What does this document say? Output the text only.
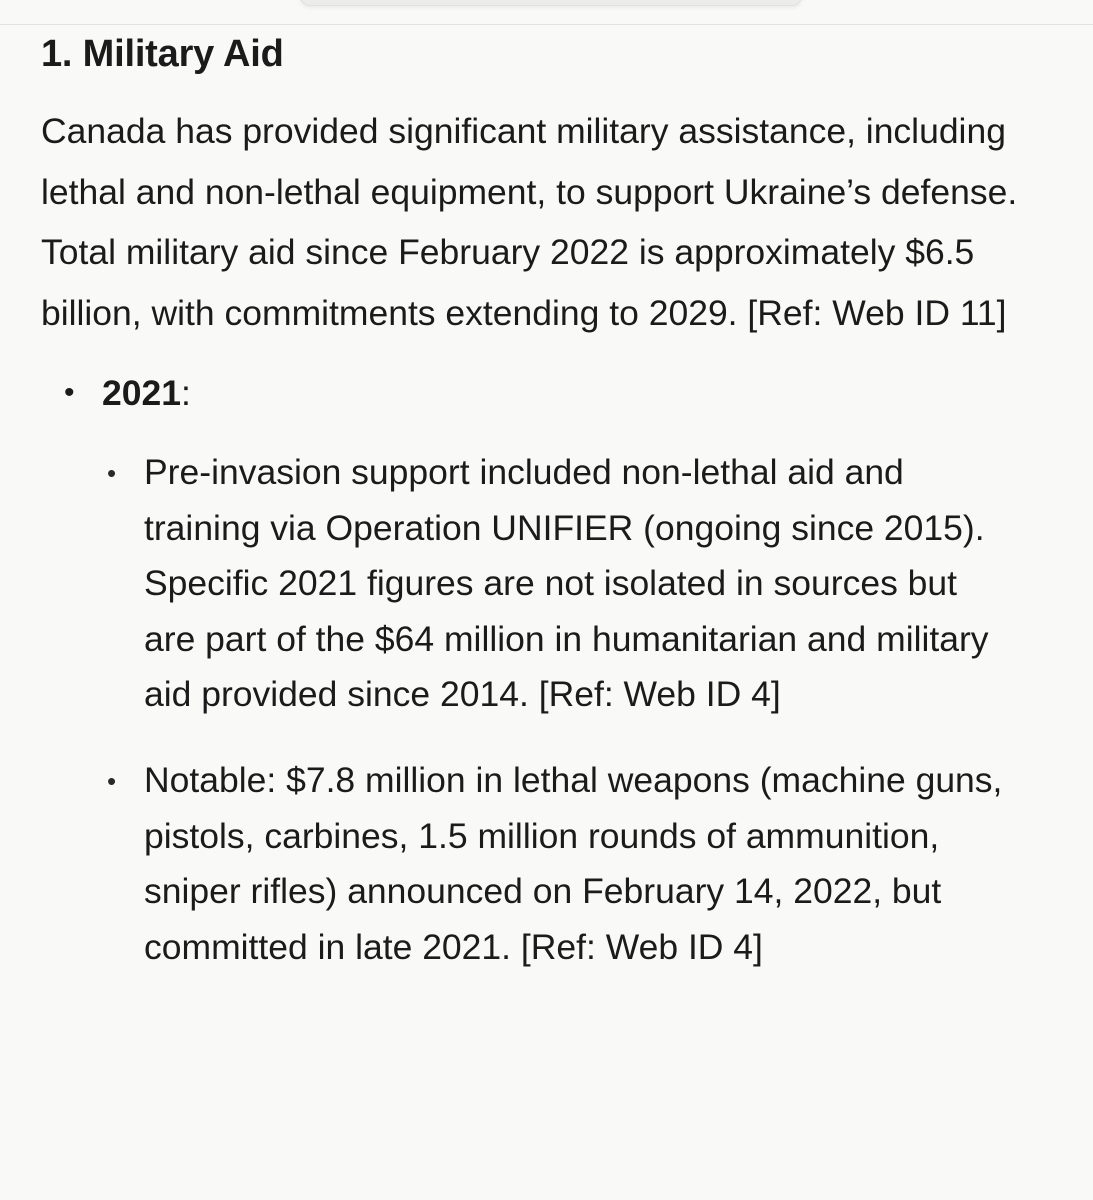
1. Military Aid

Canada has provided significant military assistance, including lethal and non-lethal equipment, to support Ukraine’s defense. Total military aid since February 2022 is approximately $6.5 billion, with commitments extending to 2029. [Ref: Web ID 11]

• 2021:
• Pre-invasion support included non-lethal aid and training via Operation UNIFIER (ongoing since 2015). Specific 2021 figures are not isolated in sources but are part of the $64 million in humanitarian and military aid provided since 2014. [Ref: Web ID 4]
• Notable: $7.8 million in lethal weapons (machine guns, pistols, carbines, 1.5 million rounds of ammunition, sniper rifles) announced on February 14, 2022, but committed in late 2021. [Ref: Web ID 4]
